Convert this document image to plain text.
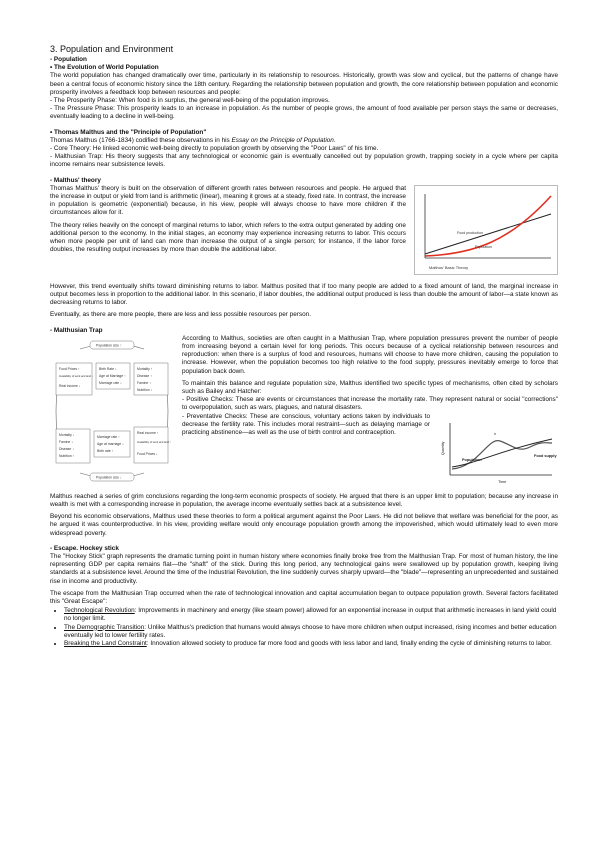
3. Population and Environment

- Population

• The Evolution of World Population

The world population has changed dramatically over time, particularly in its relationship to resources. Historically, growth was slow and cyclical, but the patterns of change have been a central focus of economic history since the 18th century. Regarding the relationship between population and growth, the core relationship between population and economic prosperity involves a feedback loop between resources and people:

- The Prosperity Phase: When food is in surplus, the general well-being of the population improves.

- The Pressure Phase: This prosperity leads to an increase in population. As the number of people grows, the amount of food available per person stays the same or decreases, eventually leading to a decline in well-being.

• Thomas Malthus and the "Principle of Population"

Thomas Malthus (1766-1834) codified these observations in his Essay on the Principle of Population.

- Core Theory: He linked economic well-being directly to population growth by observing the "Poor Laws" of his time.

- Malthusian Trap: His theory suggests that any technological or economic gain is eventually cancelled out by population growth, trapping society in a cycle where per capita income remains near subsistence levels.

- Malthus' theory

Food production
Population
Malthus' Basic Theory

Thomas Malthus' theory is built on the observation of different growth rates between resources and people. He argued that the increase in output or yield from land is arithmetic (linear), meaning it grows at a steady, fixed rate. In contrast, the increase in population is geometric (exponential) because, in his view, people will always choose to have more children if the circumstances allow for it.

The theory relies heavily on the concept of marginal returns to labor, which refers to the extra output generated by adding one additional person to the economy. In the initial stages, an economy may experience increasing returns to labor. This occurs when more people per unit of land can more than increase the output of a single person; for instance, if the labor force doubles, the resulting output increases by more than double the additional labor.

However, this trend eventually shifts toward diminishing returns to labor. Malthus posited that if too many people are added to a fixed amount of land, the marginal increase in output becomes less in proportion to the additional labor. In this scenario, if labor doubles, the additional output produced is less than double the amount of labor—a state known as decreasing returns to labor.

Eventually, as there are more people, there are less and less possible resources per person.

- Malthusian Trap

Population size ↑
Population size ↓
Food Prices ↑
Availability of work and land ↓
Real income ↓
Birth Rate ↓
Age at Marriage ↑
Marriage rate ↓
Mortality ↑
Disease ↑
Famine ↑
Nutrition ↓
Mortality ↓
Famine ↓
Disease ↓
Nutrition ↑
Marriage rate ↑
Age at marriage ↓
Birth rate ↑
Real income ↑
Availability of work and land ↑
Food Prices ↓

According to Malthus, societies are often caught in a Malthusian Trap, where population pressures prevent the number of people from increasing beyond a certain level for long periods. This occurs because of a cyclical relationship between resources and reproduction: when there is a surplus of food and resources, humans will choose to have more children, causing the population to increase. However, when the population becomes too high relative to the food supply, pressures inevitably emerge to force that population back down.

To maintain this balance and regulate population size, Malthus identified two specific types of mechanisms, often cited by scholars such as Bailey and Hatcher:

- Positive Checks: These are events or circumstances that increase the mortality rate. They represent natural or social "corrections" to overpopulation, such as wars, plagues, and natural disasters.

*
Quantity
Time
Food supply
Population

- Preventative Checks: These are conscious, voluntary actions taken by individuals to decrease the fertility rate. This includes moral restraint—such as delaying marriage or practicing abstinence—as well as the use of birth control and contraception.

Malthus reached a series of grim conclusions regarding the long-term economic prospects of society. He argued that there is an upper limit to population; because any increase in wealth is met with a corresponding increase in population, the average income eventually settles back at a subsistence level.

Beyond his economic observations, Malthus used these theories to form a political argument against the Poor Laws. He did not believe that welfare was beneficial for the poor, as he argued it was counterproductive. In his view, providing welfare would only encourage population growth among the impoverished, which would ultimately lead to even more widespread poverty.

- Escape. Hockey stick

The "Hockey Stick" graph represents the dramatic turning point in human history where economies finally broke free from the Malthusian Trap. For most of human history, the line representing GDP per capita remains flat—the "shaft" of the stick. During this long period, any technological gains were swallowed up by population growth, keeping living standards at a subsistence level. Around the time of the Industrial Revolution, the line suddenly curves sharply upward—the "blade"—representing an unprecedented and sustained rise in income and productivity.

The escape from the Malthusian Trap occurred when the rate of technological innovation and capital accumulation began to outpace population growth. Several factors facilitated this "Great Escape":

• Technological Revolution: Improvements in machinery and energy (like steam power) allowed for an exponential increase in output that arithmetic increases in land yield could no longer limit.
• The Demographic Transition: Unlike Malthus's prediction that humans would always choose to have more children when output increased, rising incomes and better education eventually led to lower fertility rates.
• Breaking the Land Constraint: Innovation allowed society to produce far more food and goods with less labor and land, finally ending the cycle of diminishing returns to labor.
